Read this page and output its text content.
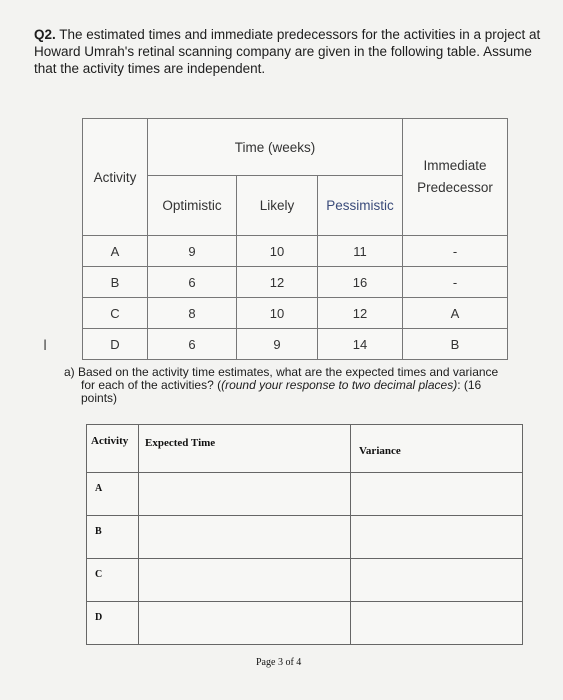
Q2. The estimated times and immediate predecessors for the activities in a project at Howard Umrah's retinal scanning company are given in the following table. Assume that the activity times are independent.
Activity	Time (weeks)			Immediate
Predecessor
	Optimistic	Likely	Pessimistic	
A	9	10	11	-
B	6	12	16	-
C	8	10	12	A
D	6	9	14	B
I
a) Based on the activity time estimates, what are the expected times and variance
for each of the activities? ((round your response to two decimal places): (16
points)
Activity	Expected Time	Variance
A		
B		
C		
D		
Page 3 of 4
